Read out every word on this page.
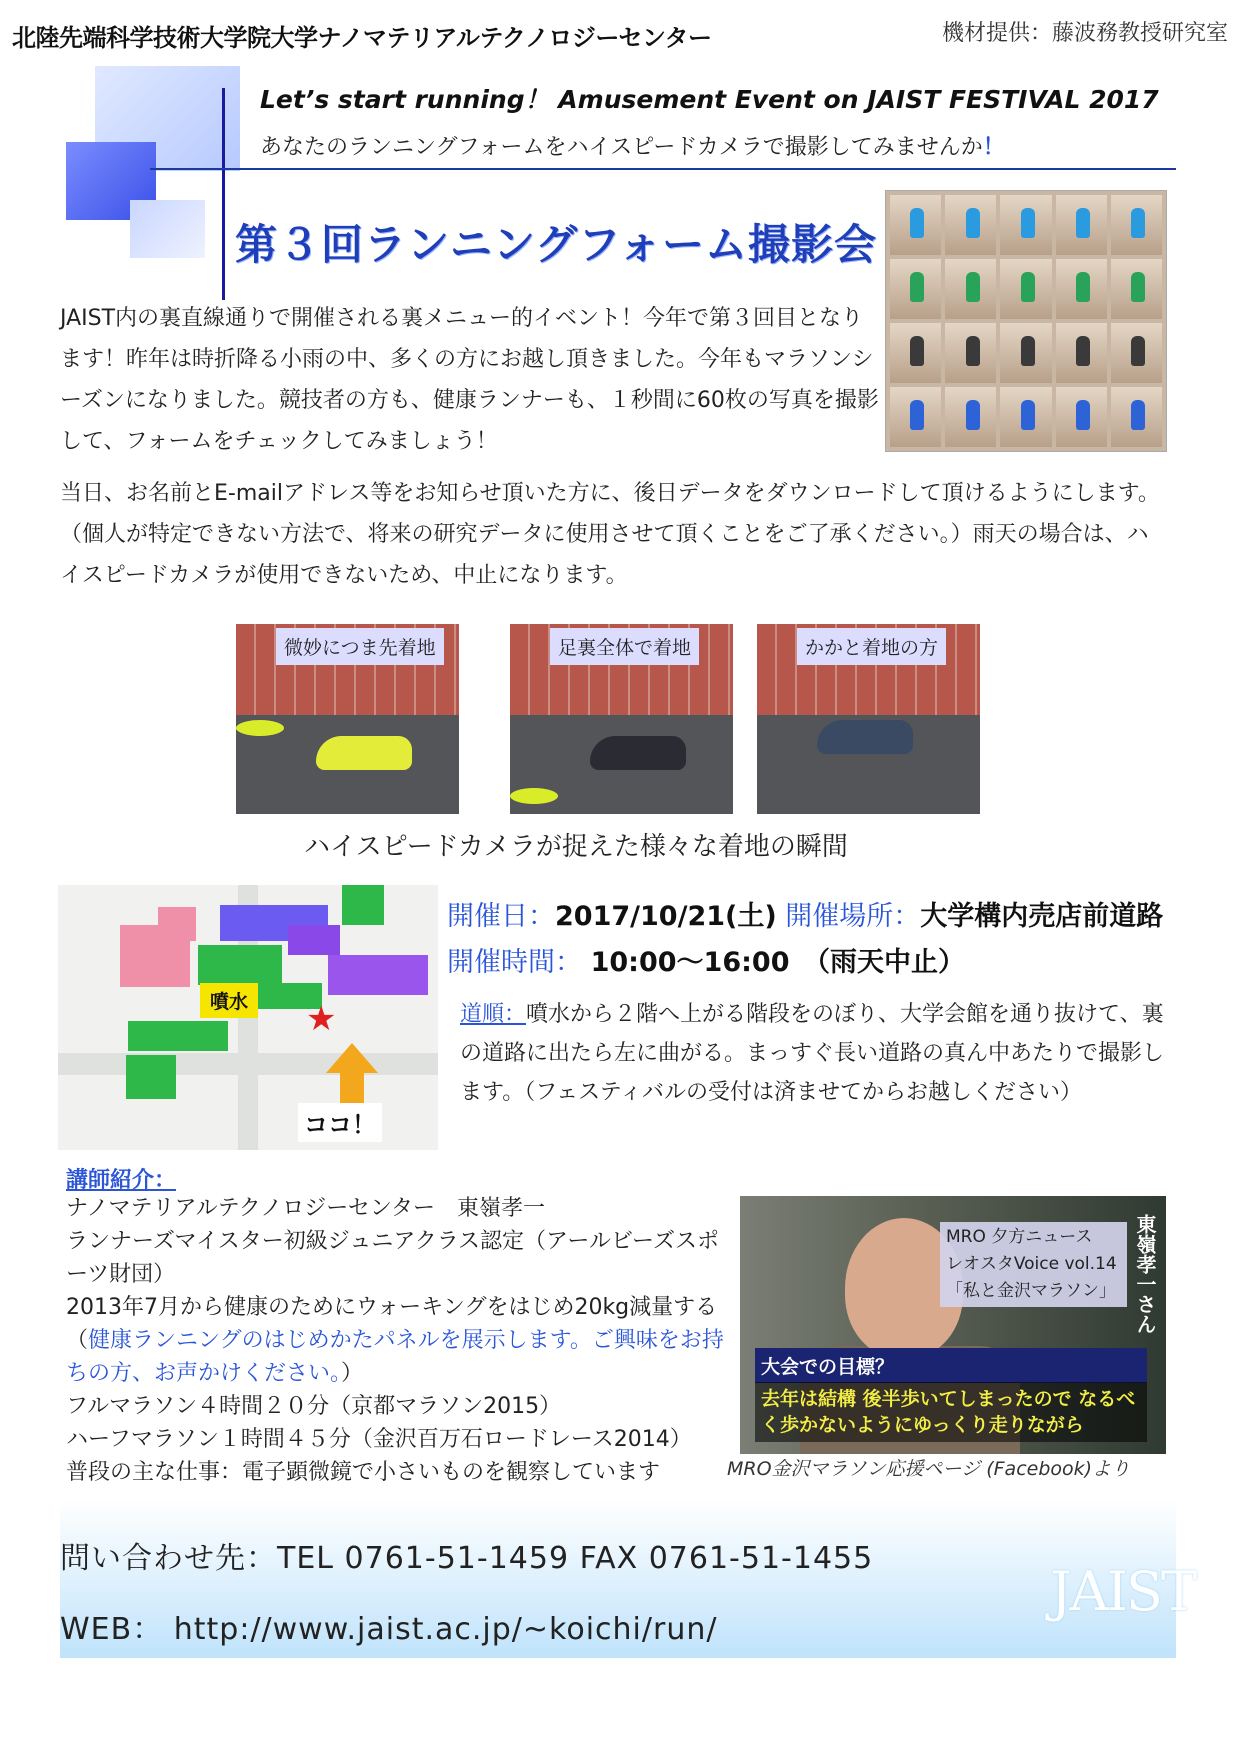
北陸先端科学技術大学院大学ナノマテリアルテクノロジーセンター	機材提供：藤波務教授研究室
Let’s start running！ Amusement Event on JAIST FESTIVAL 2017
あなたのランニングフォームをハイスピードカメラで撮影してみませんか！
第３回ランニングフォーム撮影会
JAIST内の裏直線通りで開催される裏メニュー的イベント！今年で第３回目となります！昨年は時折降る小雨の中、多くの方にお越し頂きました。今年もマラソンシーズンになりました。競技者の方も、健康ランナーも、１秒間に60枚の写真を撮影して、フォームをチェックしてみましょう！
当日、お名前とE-mailアドレス等をお知らせ頂いた方に、後日データをダウンロードして頂けるようにします。（個人が特定できない方法で、将来の研究データに使用させて頂くことをご了承ください。）雨天の場合は、ハイスピードカメラが使用できないため、中止になります。
微妙につま先着地	足裏全体で着地	かかと着地の方
ハイスピードカメラが捉えた様々な着地の瞬間
噴水 ★
ココ！
開催日：2017/10/21(土) 開催場所：大学構内売店前道路
開催時間： 10:00～16:00　（雨天中止）
道順：噴水から２階へ上がる階段をのぼり、大学会館を通り抜けて、裏の道路に出たら左に曲がる。まっすぐ長い道路の真ん中あたりで撮影します。（フェスティバルの受付は済ませてからお越しください）
講師紹介：
ナノマテリアルテクノロジーセンター　東嶺孝一
ランナーズマイスター初級ジュニアクラス認定（アールビーズスポーツ財団）
2013年7月から健康のためにウォーキングをはじめ20kg減量する（健康ランニングのはじめかたパネルを展示します。ご興味をお持ちの方、お声かけください。）
フルマラソン４時間２０分（京都マラソン2015）
ハーフマラソン１時間４５分（金沢百万石ロードレース2014）
普段の主な仕事：電子顕微鏡で小さいものを観察しています
MRO 夕方ニュース
レオスタVoice vol.14
「私と金沢マラソン」 東嶺孝一さん
大会での目標？
去年は結構 後半歩いてしまったので なるべく歩かないようにゆっくり走りながら
MRO金沢マラソン応援ページ (Facebook)より
問い合わせ先：TEL 0761-51-1459 FAX 0761-51-1455
WEB： http://www.jaist.ac.jp/~koichi/run/
JAIST
